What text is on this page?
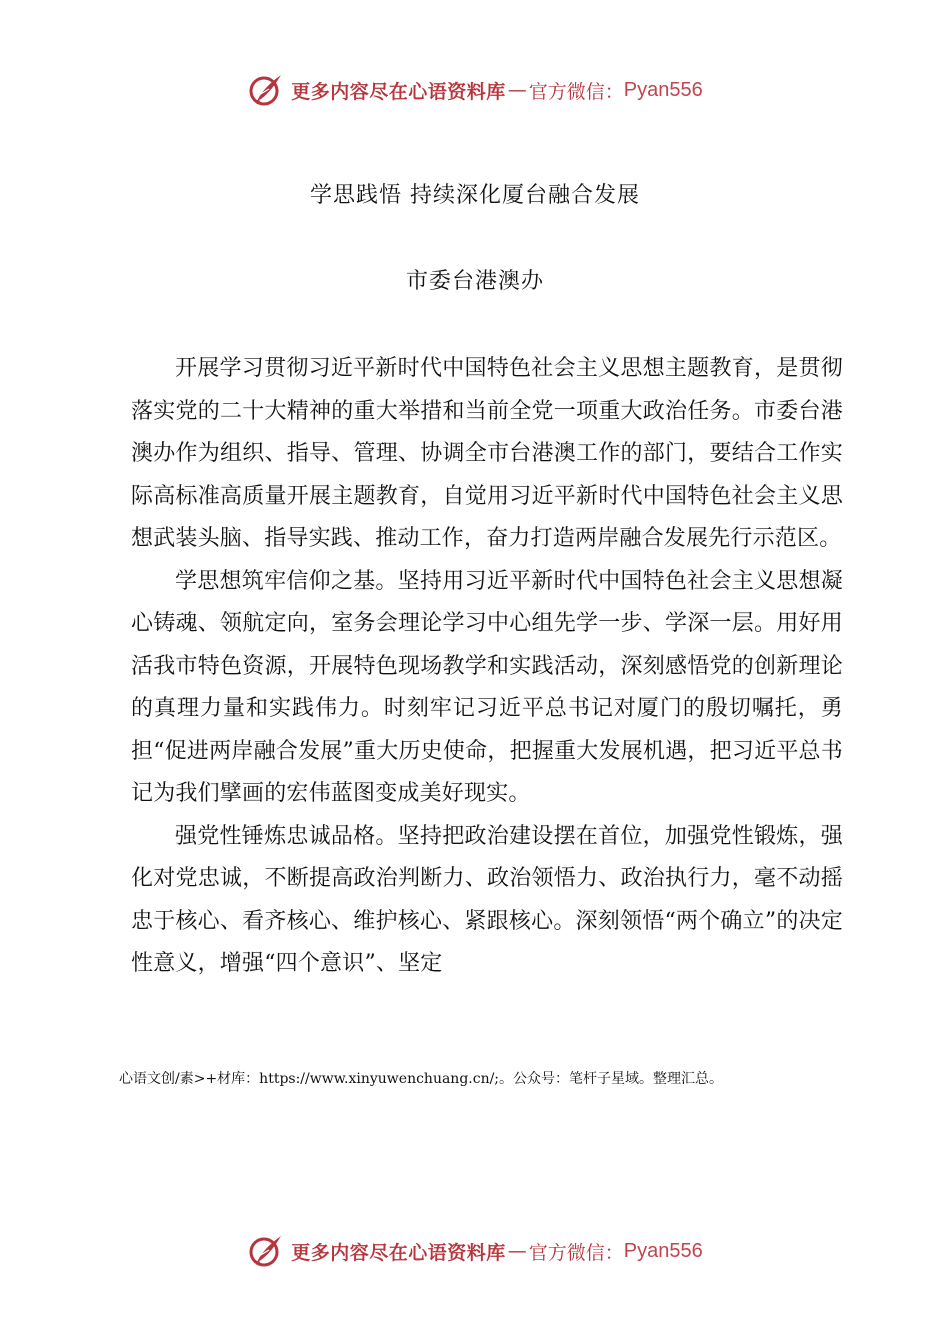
更多内容尽在心语资料库 — 官方微信： Pyan556
学思践悟 持续深化厦台融合发展
市委台港澳办

开展学习贯彻习近平新时代中国特色社会主义思想主题教育，是贯彻落实党的二十大精神的重大举措和当前全党一项重大政治任务。市委台港澳办作为组织、指导、管理、协调全市台港澳工作的部门，要结合工作实际高标准高质量开展主题教育，自觉用习近平新时代中国特色社会主义思想武装头脑、指导实践、推动工作，奋力打造两岸融合发展先行示范区。

学思想筑牢信仰之基。坚持用习近平新时代中国特色社会主义思想凝心铸魂、领航定向，室务会理论学习中心组先学一步、学深一层。用好用活我市特色资源，开展特色现场教学和实践活动，深刻感悟党的创新理论的真理力量和实践伟力。时刻牢记习近平总书记对厦门的殷切嘱托，勇担“促进两岸融合发展”重大历史使命，把握重大发展机遇，把习近平总书记为我们擘画的宏伟蓝图变成美好现实。

强党性锤炼忠诚品格。坚持把政治建设摆在首位，加强党性锻炼，强化对党忠诚，不断提高政治判断力、政治领悟力、政治执行力，毫不动摇忠于核心、看齐核心、维护核心、紧跟核心。深刻领悟“两个确立”的决定性意义，增强“四个意识”、坚定

心语文创/素>+材库：https://www.xinyuwenchuang.cn/;。公众号：笔杆子星域。整理汇总。
更多内容尽在心语资料库 — 官方微信： Pyan556
